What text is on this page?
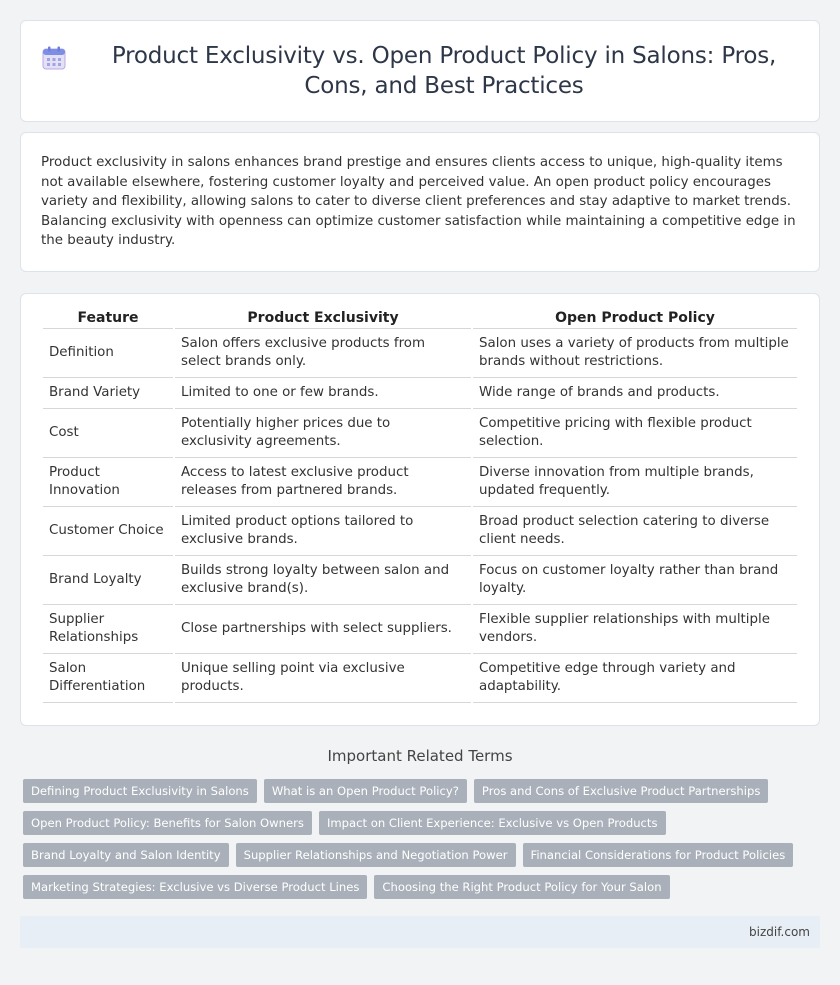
Product Exclusivity vs. Open Product Policy in Salons: Pros, Cons, and Best Practices

Product exclusivity in salons enhances brand prestige and ensures clients access to unique, high-quality items not available elsewhere, fostering customer loyalty and perceived value. An open product policy encourages variety and flexibility, allowing salons to cater to diverse client preferences and stay adaptive to market trends. Balancing exclusivity with openness can optimize customer satisfaction while maintaining a competitive edge in the beauty industry.

Feature	Product Exclusivity	Open Product Policy
Definition	Salon offers exclusive products from select brands only.	Salon uses a variety of products from multiple brands without restrictions.
Brand Variety	Limited to one or few brands.	Wide range of brands and products.
Cost	Potentially higher prices due to exclusivity agreements.	Competitive pricing with flexible product selection.
Product Innovation	Access to latest exclusive product releases from partnered brands.	Diverse innovation from multiple brands, updated frequently.
Customer Choice	Limited product options tailored to exclusive brands.	Broad product selection catering to diverse client needs.
Brand Loyalty	Builds strong loyalty between salon and exclusive brand(s).	Focus on customer loyalty rather than brand loyalty.
Supplier Relationships	Close partnerships with select suppliers.	Flexible supplier relationships with multiple vendors.
Salon Differentiation	Unique selling point via exclusive products.	Competitive edge through variety and adaptability.
Important Related Terms
Defining Product Exclusivity in Salons	What is an Open Product Policy?	Pros and Cons of Exclusive Product Partnerships
Open Product Policy: Benefits for Salon Owners	Impact on Client Experience: Exclusive vs Open Products
Brand Loyalty and Salon Identity	Supplier Relationships and Negotiation Power	Financial Considerations for Product Policies
Marketing Strategies: Exclusive vs Diverse Product Lines	Choosing the Right Product Policy for Your Salon
bizdif.com
